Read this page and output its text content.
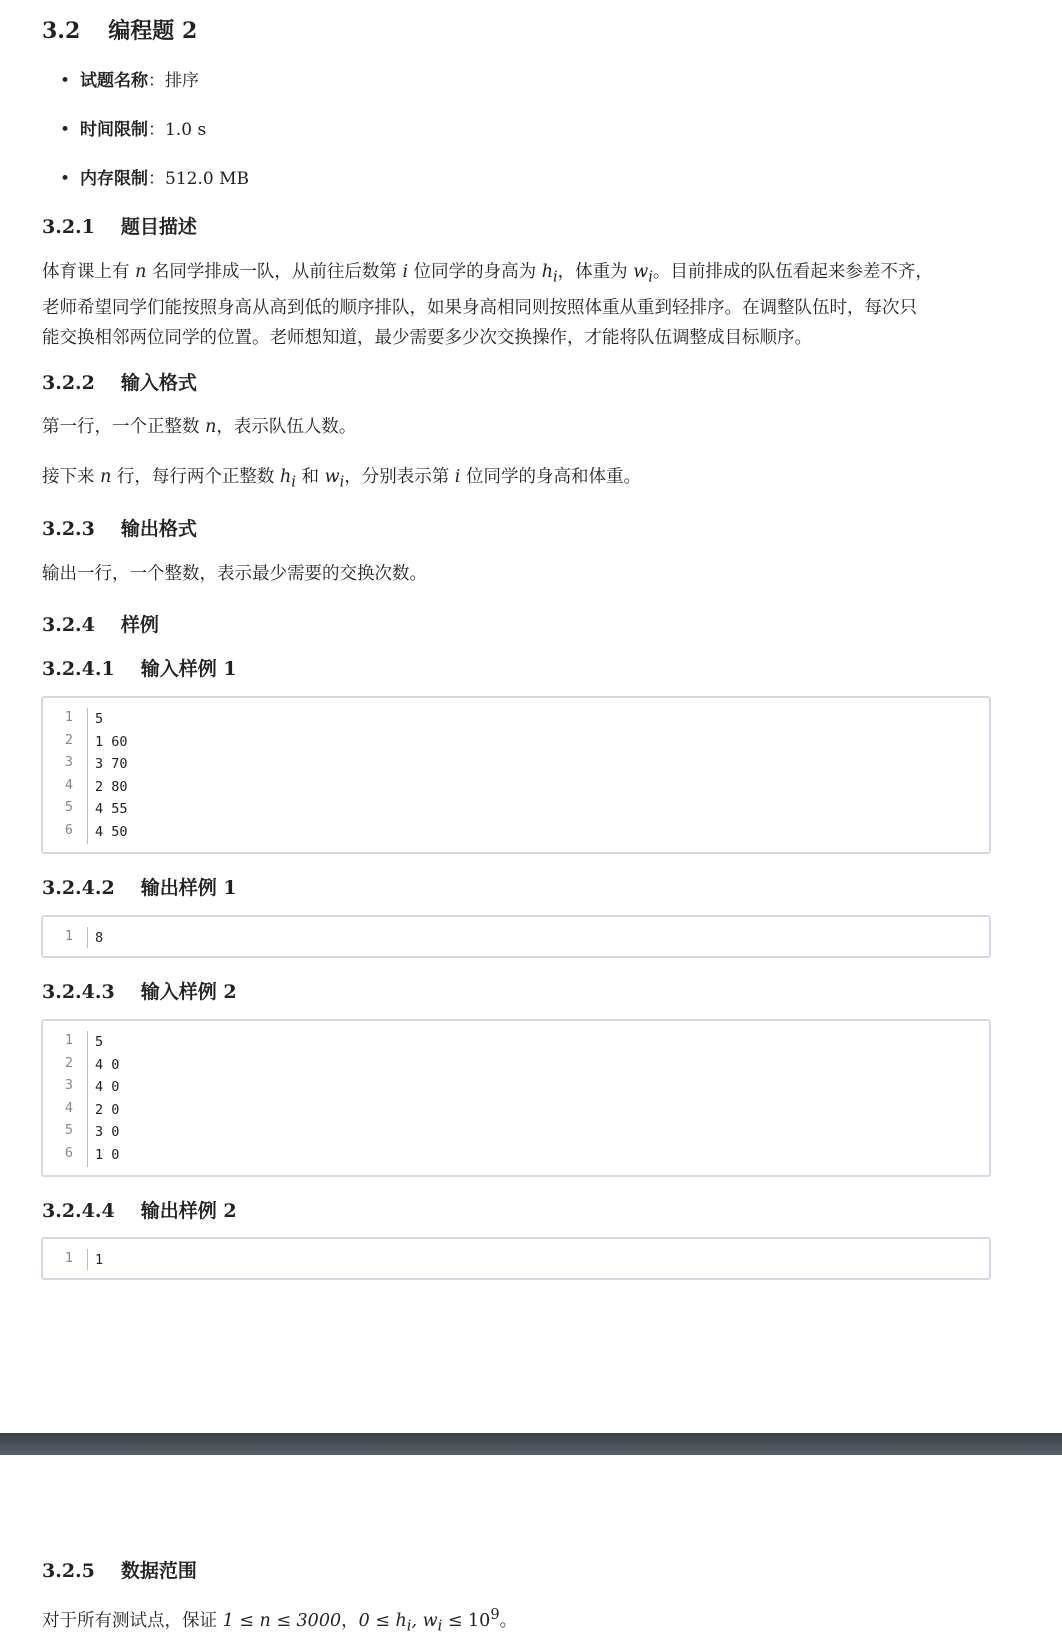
3.2 编程题 2
• 试题名称：排序
• 时间限制：1.0 s
• 内存限制：512.0 MB
3.2.1 题目描述

体育课上有 n 名同学排成一队，从前往后数第 i 位同学的身高为 $h_i$，体重为 $w_i$。目前排成的队伍看起来参差不齐，
老师希望同学们能按照身高从高到低的顺序排队，如果身高相同则按照体重从重到轻排序。在调整队伍时，每次只
能交换相邻两位同学的位置。老师想知道，最少需要多少次交换操作，才能将队伍调整成目标顺序。

3.2.2 输入格式

第一行，一个正整数 n，表示队伍人数。

接下来 n 行，每行两个正整数 $h_i$ 和 $w_i$，分别表示第 i 位同学的身高和体重。

3.2.3 输出格式

输出一行，一个整数，表示最少需要的交换次数。

3.2.4 样例
3.2.4.1 输入样例 1
1 5
2 1 60
3 3 70
4 2 80
5 4 55
6 4 50
3.2.4.2 输出样例 1
1 8
3.2.4.3 输入样例 2
1 5
2 4 0
3 4 0
4 2 0
5 3 0
6 1 0
3.2.4.4 输出样例 2
1 1
3.2.5 数据范围

对于所有测试点，保证 1 ≤ n ≤ 3000，$0 \le h_i$, $w_i \le 10^9$。
